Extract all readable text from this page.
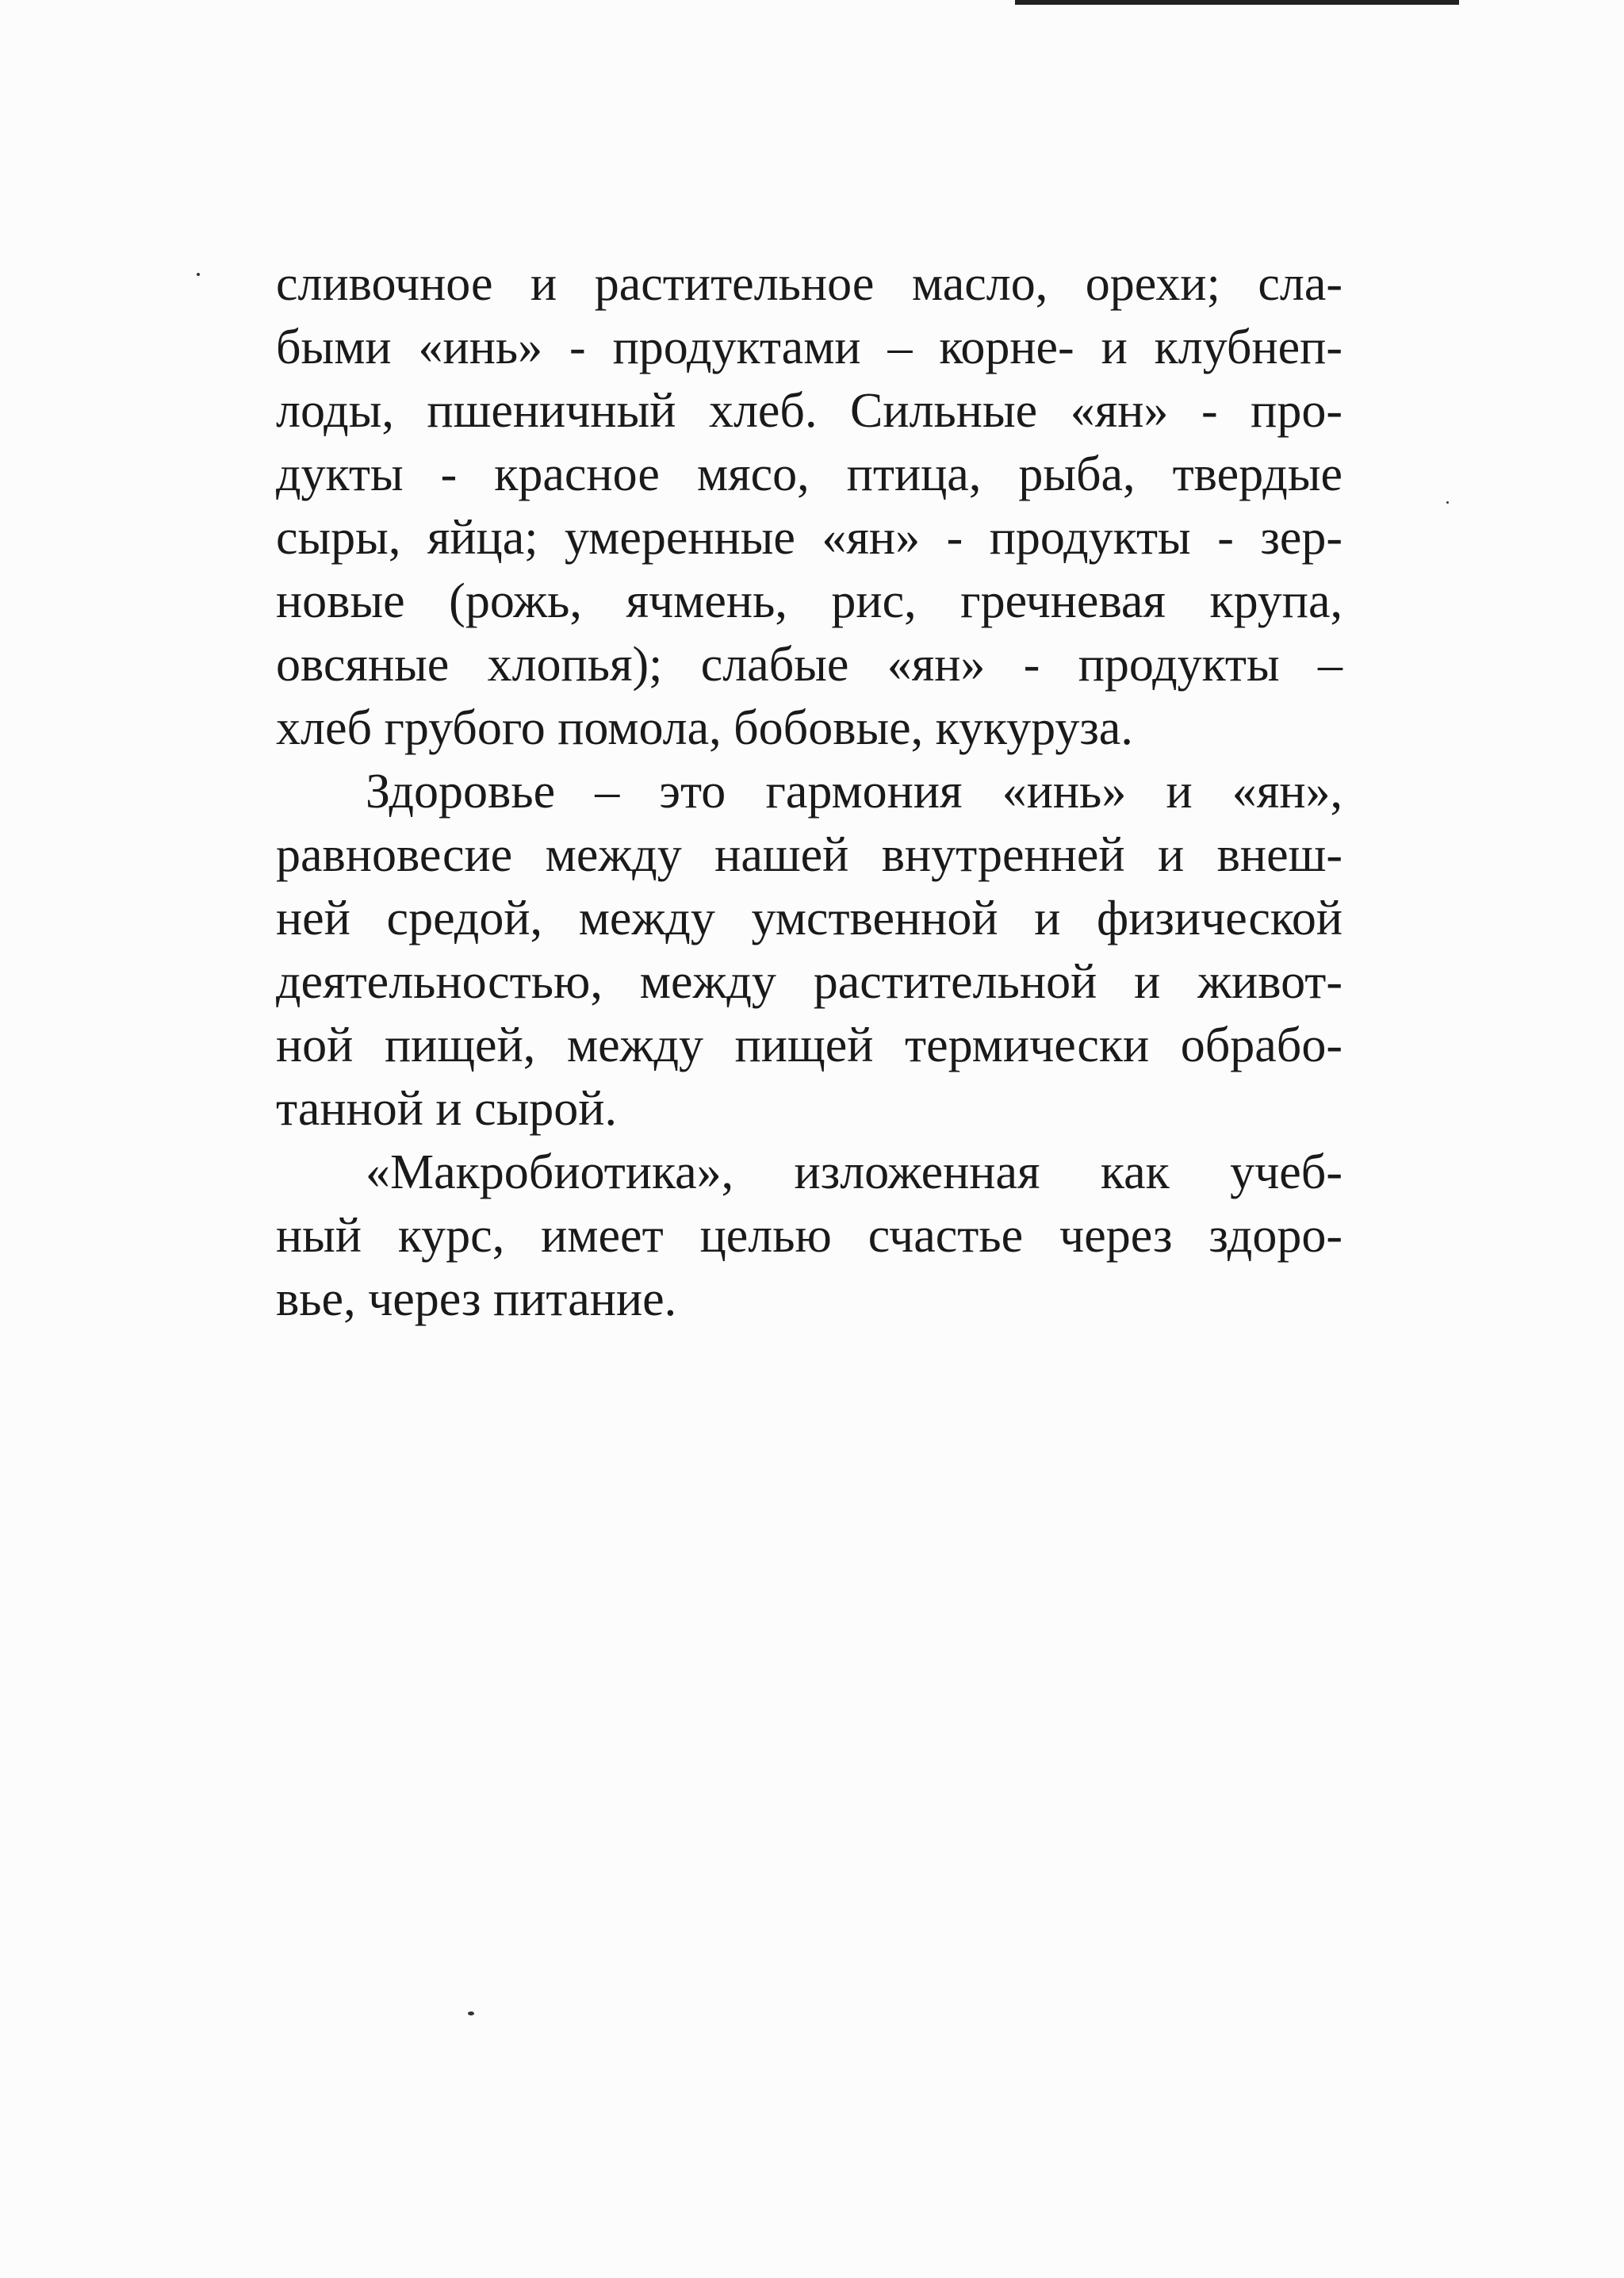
сливочное и растительное масло, орехи; сла-
быми «инь» - продуктами – корне- и клубнеп-
лоды, пшеничный хлеб. Сильные «ян» - про-
дукты - красное мясо, птица, рыба, твердые
сыры, яйца; умеренные «ян» - продукты - зер-
новые (рожь, ячмень, рис, гречневая крупа,
овсяные хлопья); слабые «ян» - продукты –
хлеб грубого помола, бобовые, кукуруза.
Здоровье – это гармония «инь» и «ян»,
равновесие между нашей внутренней и внеш-
ней средой, между умственной и физической
деятельностью, между растительной и живот-
ной пищей, между пищей термически обрабо-
танной и сырой.
«Макробиотика», изложенная как учеб-
ный курс, имеет целью счастье через здоро-
вье, через питание.
